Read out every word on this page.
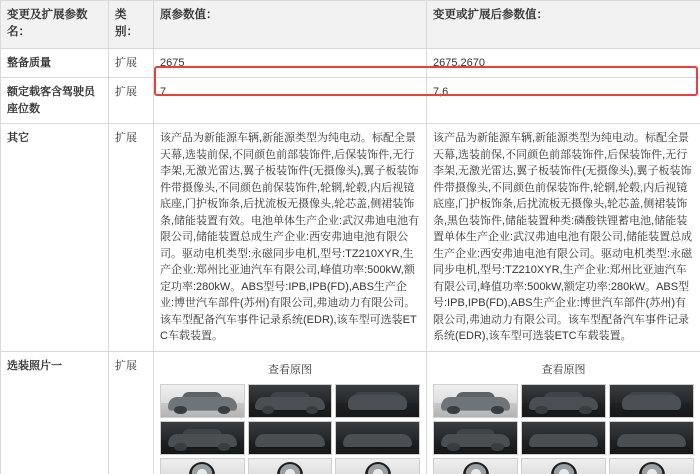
变更及扩展参数名：	类别：	原参数值：	变更或扩展后参数值：
整备质量	扩展	2675	2675,2670
额定载客含驾驶员座位数	扩展	7	7,6
其它	扩展	该产品为新能源车辆,新能源类型为纯电动。标配全景天幕,选装前保,不同颜色前部装饰件,后保装饰件,无行李架,无激光雷达,翼子板装饰件(无摄像头),翼子板装饰件带摄像头,不同颜色前保装饰件,轮辋,轮毂,内后视镜底座,门护板饰条,后扰流板无摄像头,轮芯盖,侧裙装饰条,储能装置有效。电池单体生产企业:武汉弗迪电池有限公司,储能装置总成生产企业:西安弗迪电池有限公司。驱动电机类型:永磁同步电机,型号:TZ210XYR,生产企业:郑州比亚迪汽车有限公司,峰值功率:500kW,额定功率:280kW。ABS型号:IPB,IPB(FD),ABS生产企业:博世汽车部件(苏州)有限公司,弗迪动力有限公司。该车型配备汽车事件记录系统(EDR),该车型可选装ETC车载装置。	该产品为新能源车辆,新能源类型为纯电动。标配全景天幕,选装前保,不同颜色前部装饰件,后保装饰件,无行李架,无激光雷达,翼子板装饰件(无摄像头),翼子板装饰件带摄像头,不同颜色前保装饰件,轮辋,轮毂,内后视镜底座,门护板饰条,后扰流板无摄像头,轮芯盖,侧裙装饰条,黑色装饰件,储能装置种类:磷酸铁锂蓄电池,储能装置单体生产企业:武汉弗迪电池有限公司,储能装置总成生产企业:西安弗迪电池有限公司。驱动电机类型:永磁同步电机,型号:TZ210XYR,生产企业:郑州比亚迪汽车有限公司,峰值功率:500kW,额定功率:280kW。ABS型号:IPB,IPB(FD),ABS生产企业:博世汽车部件(苏州)有限公司,弗迪动力有限公司。该车型配备汽车事件记录系统(EDR),该车型可选装ETC车载装置。
选装照片一	扩展	查看原图	查看原图
